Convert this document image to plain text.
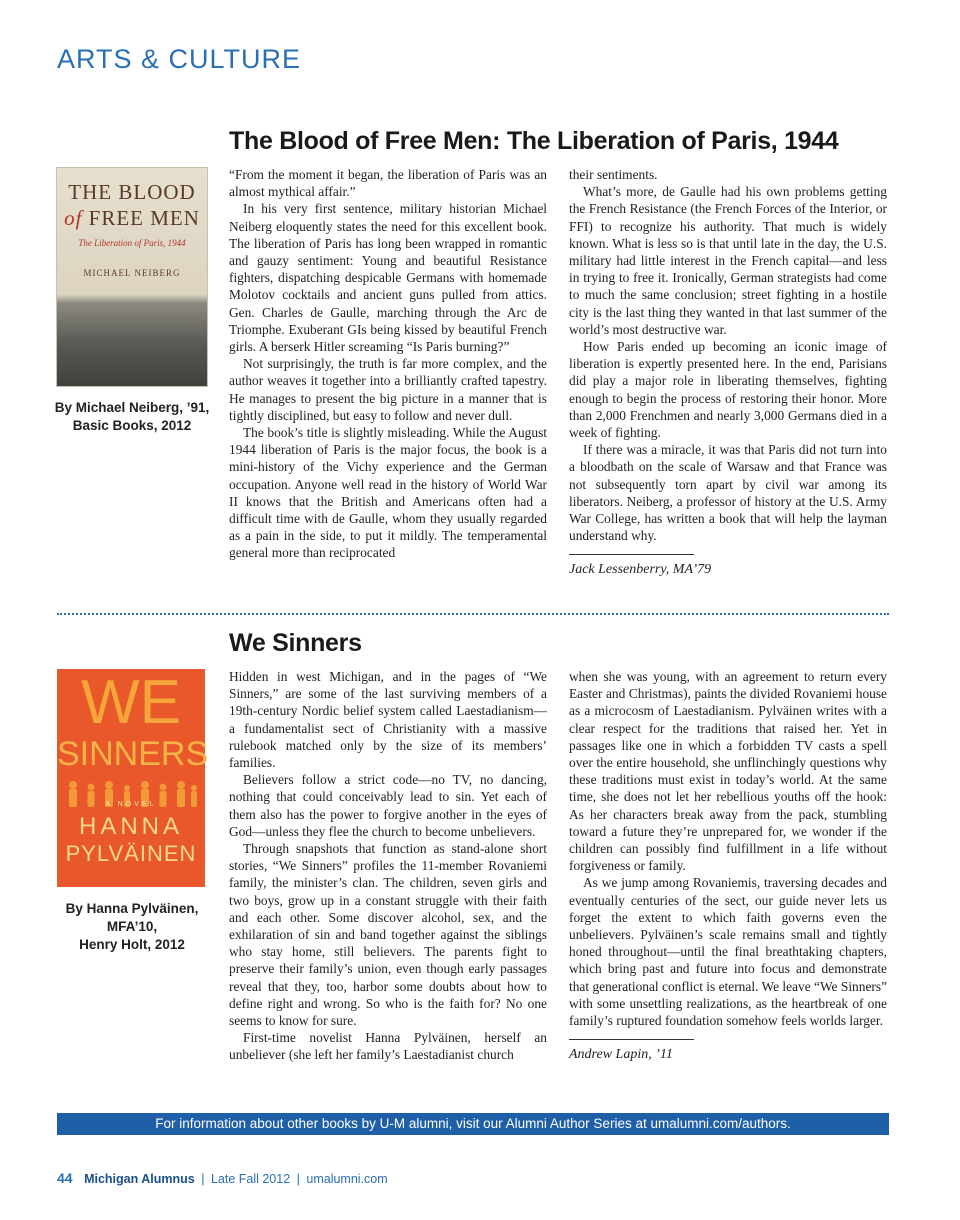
ARTS & CULTURE
The Blood of Free Men: The Liberation of Paris, 1944
THE BLOOD
of FREE MEN
The Liberation of Paris, 1944
MICHAEL NEIBERG
By Michael Neiberg, ’91,
Basic Books, 2012

“From the moment it began, the liberation of Paris was an almost mythical affair.”

In his very first sentence, military historian Michael Neiberg eloquently states the need for this excellent book. The liberation of Paris has long been wrapped in romantic and gauzy sentiment: Young and beautiful Resistance fighters, dispatching despicable Germans with homemade Molotov cocktails and ancient guns pulled from attics. Gen. Charles de Gaulle, marching through the Arc de Triomphe. Exuberant GIs being kissed by beautiful French girls. A berserk Hitler screaming “Is Paris burning?”

Not surprisingly, the truth is far more complex, and the author weaves it together into a brilliantly crafted tapestry. He manages to present the big picture in a manner that is tightly disciplined, but easy to follow and never dull.

The book’s title is slightly misleading. While the August 1944 liberation of Paris is the major focus, the book is a mini-history of the Vichy experience and the German occupation. Anyone well read in the history of World War II knows that the British and Americans often had a difficult time with de Gaulle, whom they usually regarded as a pain in the side, to put it mildly. The temperamental general more than reciprocated

their sentiments.

What’s more, de Gaulle had his own problems getting the French Resistance (the French Forces of the Interior, or FFI) to recognize his authority. That much is widely known. What is less so is that until late in the day, the U.S. military had little interest in the French capital—and less in trying to free it. Ironically, German strategists had come to much the same conclusion; street fighting in a hostile city is the last thing they wanted in that last summer of the world’s most destructive war.

How Paris ended up becoming an iconic image of liberation is expertly presented here. In the end, Parisians did play a major role in liberating themselves, fighting enough to begin the process of restoring their honor. More than 2,000 Frenchmen and nearly 3,000 Germans died in a week of fighting.

If there was a miracle, it was that Paris did not turn into a bloodbath on the scale of Warsaw and that France was not subsequently torn apart by civil war among its liberators. Neiberg, a professor of history at the U.S. Army War College, has written a book that will help the layman understand why.

Jack Lessenberry, MA’79
We Sinners
WE
SINNERS
A NOVEL
HANNA
PYLVÄINEN
By Hanna Pylväinen,
MFA’10,
Henry Holt, 2012

Hidden in west Michigan, and in the pages of “We Sinners,” are some of the last surviving members of a 19th-century Nordic belief system called Laestadianism—a fundamentalist sect of Christianity with a massive rulebook matched only by the size of its members’ families.

Believers follow a strict code—no TV, no dancing, nothing that could conceivably lead to sin. Yet each of them also has the power to forgive another in the eyes of God—unless they flee the church to become unbelievers.

Through snapshots that function as stand-alone short stories, “We Sinners” profiles the 11-member Rovaniemi family, the minister’s clan. The children, seven girls and two boys, grow up in a constant struggle with their faith and each other. Some discover alcohol, sex, and the exhilaration of sin and band together against the siblings who stay home, still believers. The parents fight to preserve their family’s union, even though early passages reveal that they, too, harbor some doubts about how to define right and wrong. So who is the faith for? No one seems to know for sure.

First-time novelist Hanna Pylväinen, herself an unbeliever (she left her family’s Laestadianist church

when she was young, with an agreement to return every Easter and Christmas), paints the divided Rovaniemi house as a microcosm of Laestadianism. Pylväinen writes with a clear respect for the traditions that raised her. Yet in passages like one in which a forbidden TV casts a spell over the entire household, she unflinchingly questions why these traditions must exist in today’s world. At the same time, she does not let her rebellious youths off the hook: As her characters break away from the pack, stumbling toward a future they’re unprepared for, we wonder if the children can possibly find fulfillment in a life without forgiveness or family.

As we jump among Rovaniemis, traversing decades and eventually centuries of the sect, our guide never lets us forget the extent to which faith governs even the unbelievers. Pylväinen’s scale remains small and tightly honed throughout—until the final breathtaking chapters, which bring past and future into focus and demonstrate that generational conflict is eternal. We leave “We Sinners” with some unsettling realizations, as the heartbreak of one family’s ruptured foundation somehow feels worlds larger.

Andrew Lapin, ’11
For information about other books by U-M alumni, visit our Alumni Author Series at umalumni.com/authors.
44 Michigan Alumnus | Late Fall 2012 | umalumni.com
